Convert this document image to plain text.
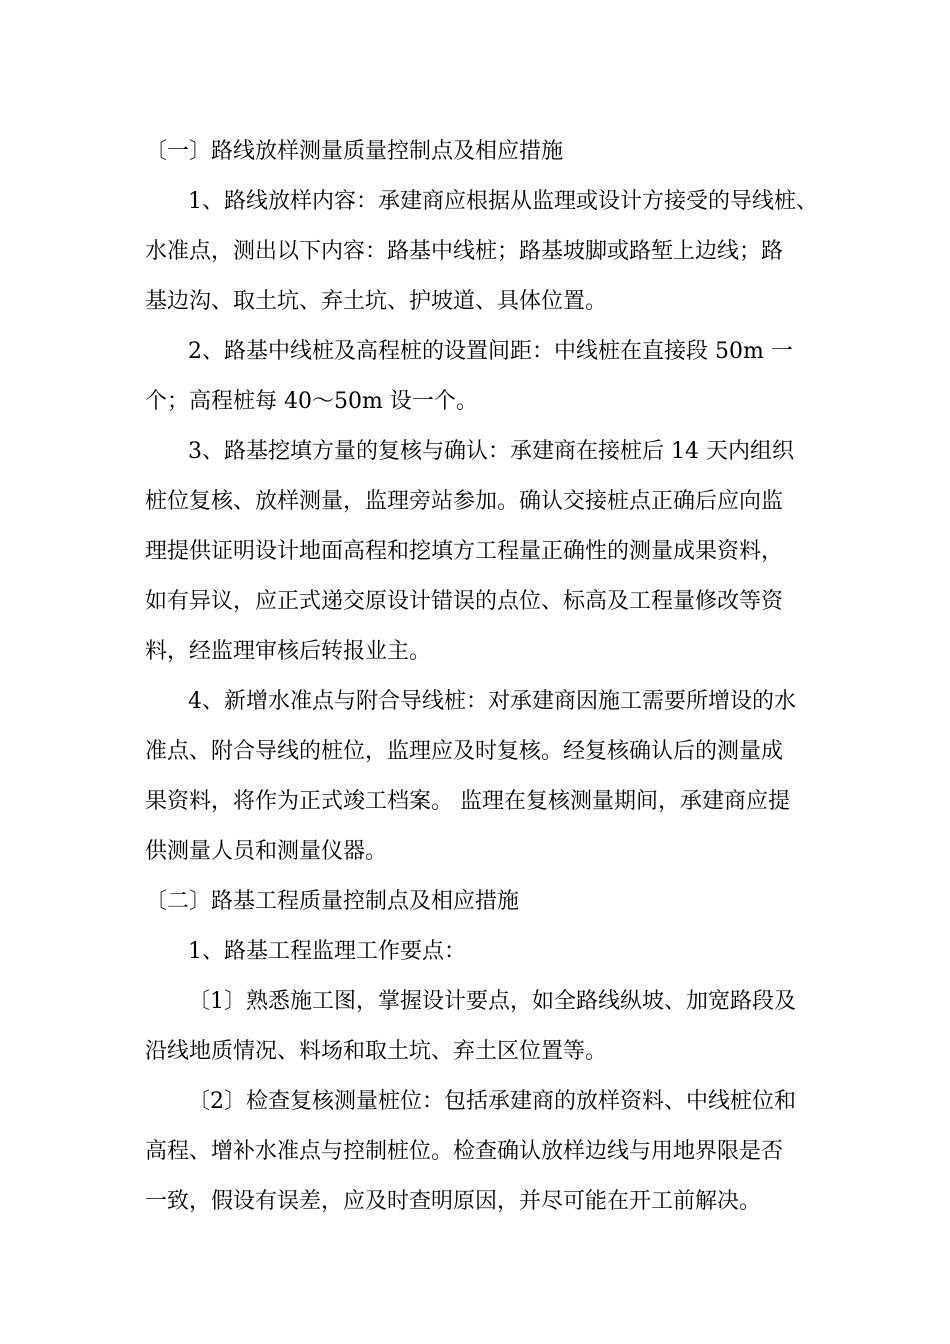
〔一〕路线放样测量质量控制点及相应措施
1、路线放样内容：承建商应根据从监理或设计方接受的导线桩、
水准点，测出以下内容：路基中线桩；路基坡脚或路堑上边线；路
基边沟、取土坑、弃土坑、护坡道、具体位置。
2、路基中线桩及高程桩的设置间距：中线桩在直接段 50m 一
个；高程桩每 40～50m 设一个。
3、路基挖填方量的复核与确认：承建商在接桩后 14 天内组织
桩位复核、放样测量，监理旁站参加。确认交接桩点正确后应向监
理提供证明设计地面高程和挖填方工程量正确性的测量成果资料，
如有异议，应正式递交原设计错误的点位、标高及工程量修改等资
料，经监理审核后转报业主。
4、新增水准点与附合导线桩：对承建商因施工需要所增设的水
准点、附合导线的桩位，监理应及时复核。经复核确认后的测量成
果资料，将作为正式竣工档案。 监理在复核测量期间，承建商应提
供测量人员和测量仪器。
〔二〕路基工程质量控制点及相应措施
1、路基工程监理工作要点：
〔1〕熟悉施工图，掌握设计要点，如全路线纵坡、加宽路段及
沿线地质情况、料场和取土坑、弃土区位置等。
〔2〕检查复核测量桩位：包括承建商的放样资料、中线桩位和
高程、增补水准点与控制桩位。检查确认放样边线与用地界限是否
一致，假设有误差，应及时查明原因，并尽可能在开工前解决。
